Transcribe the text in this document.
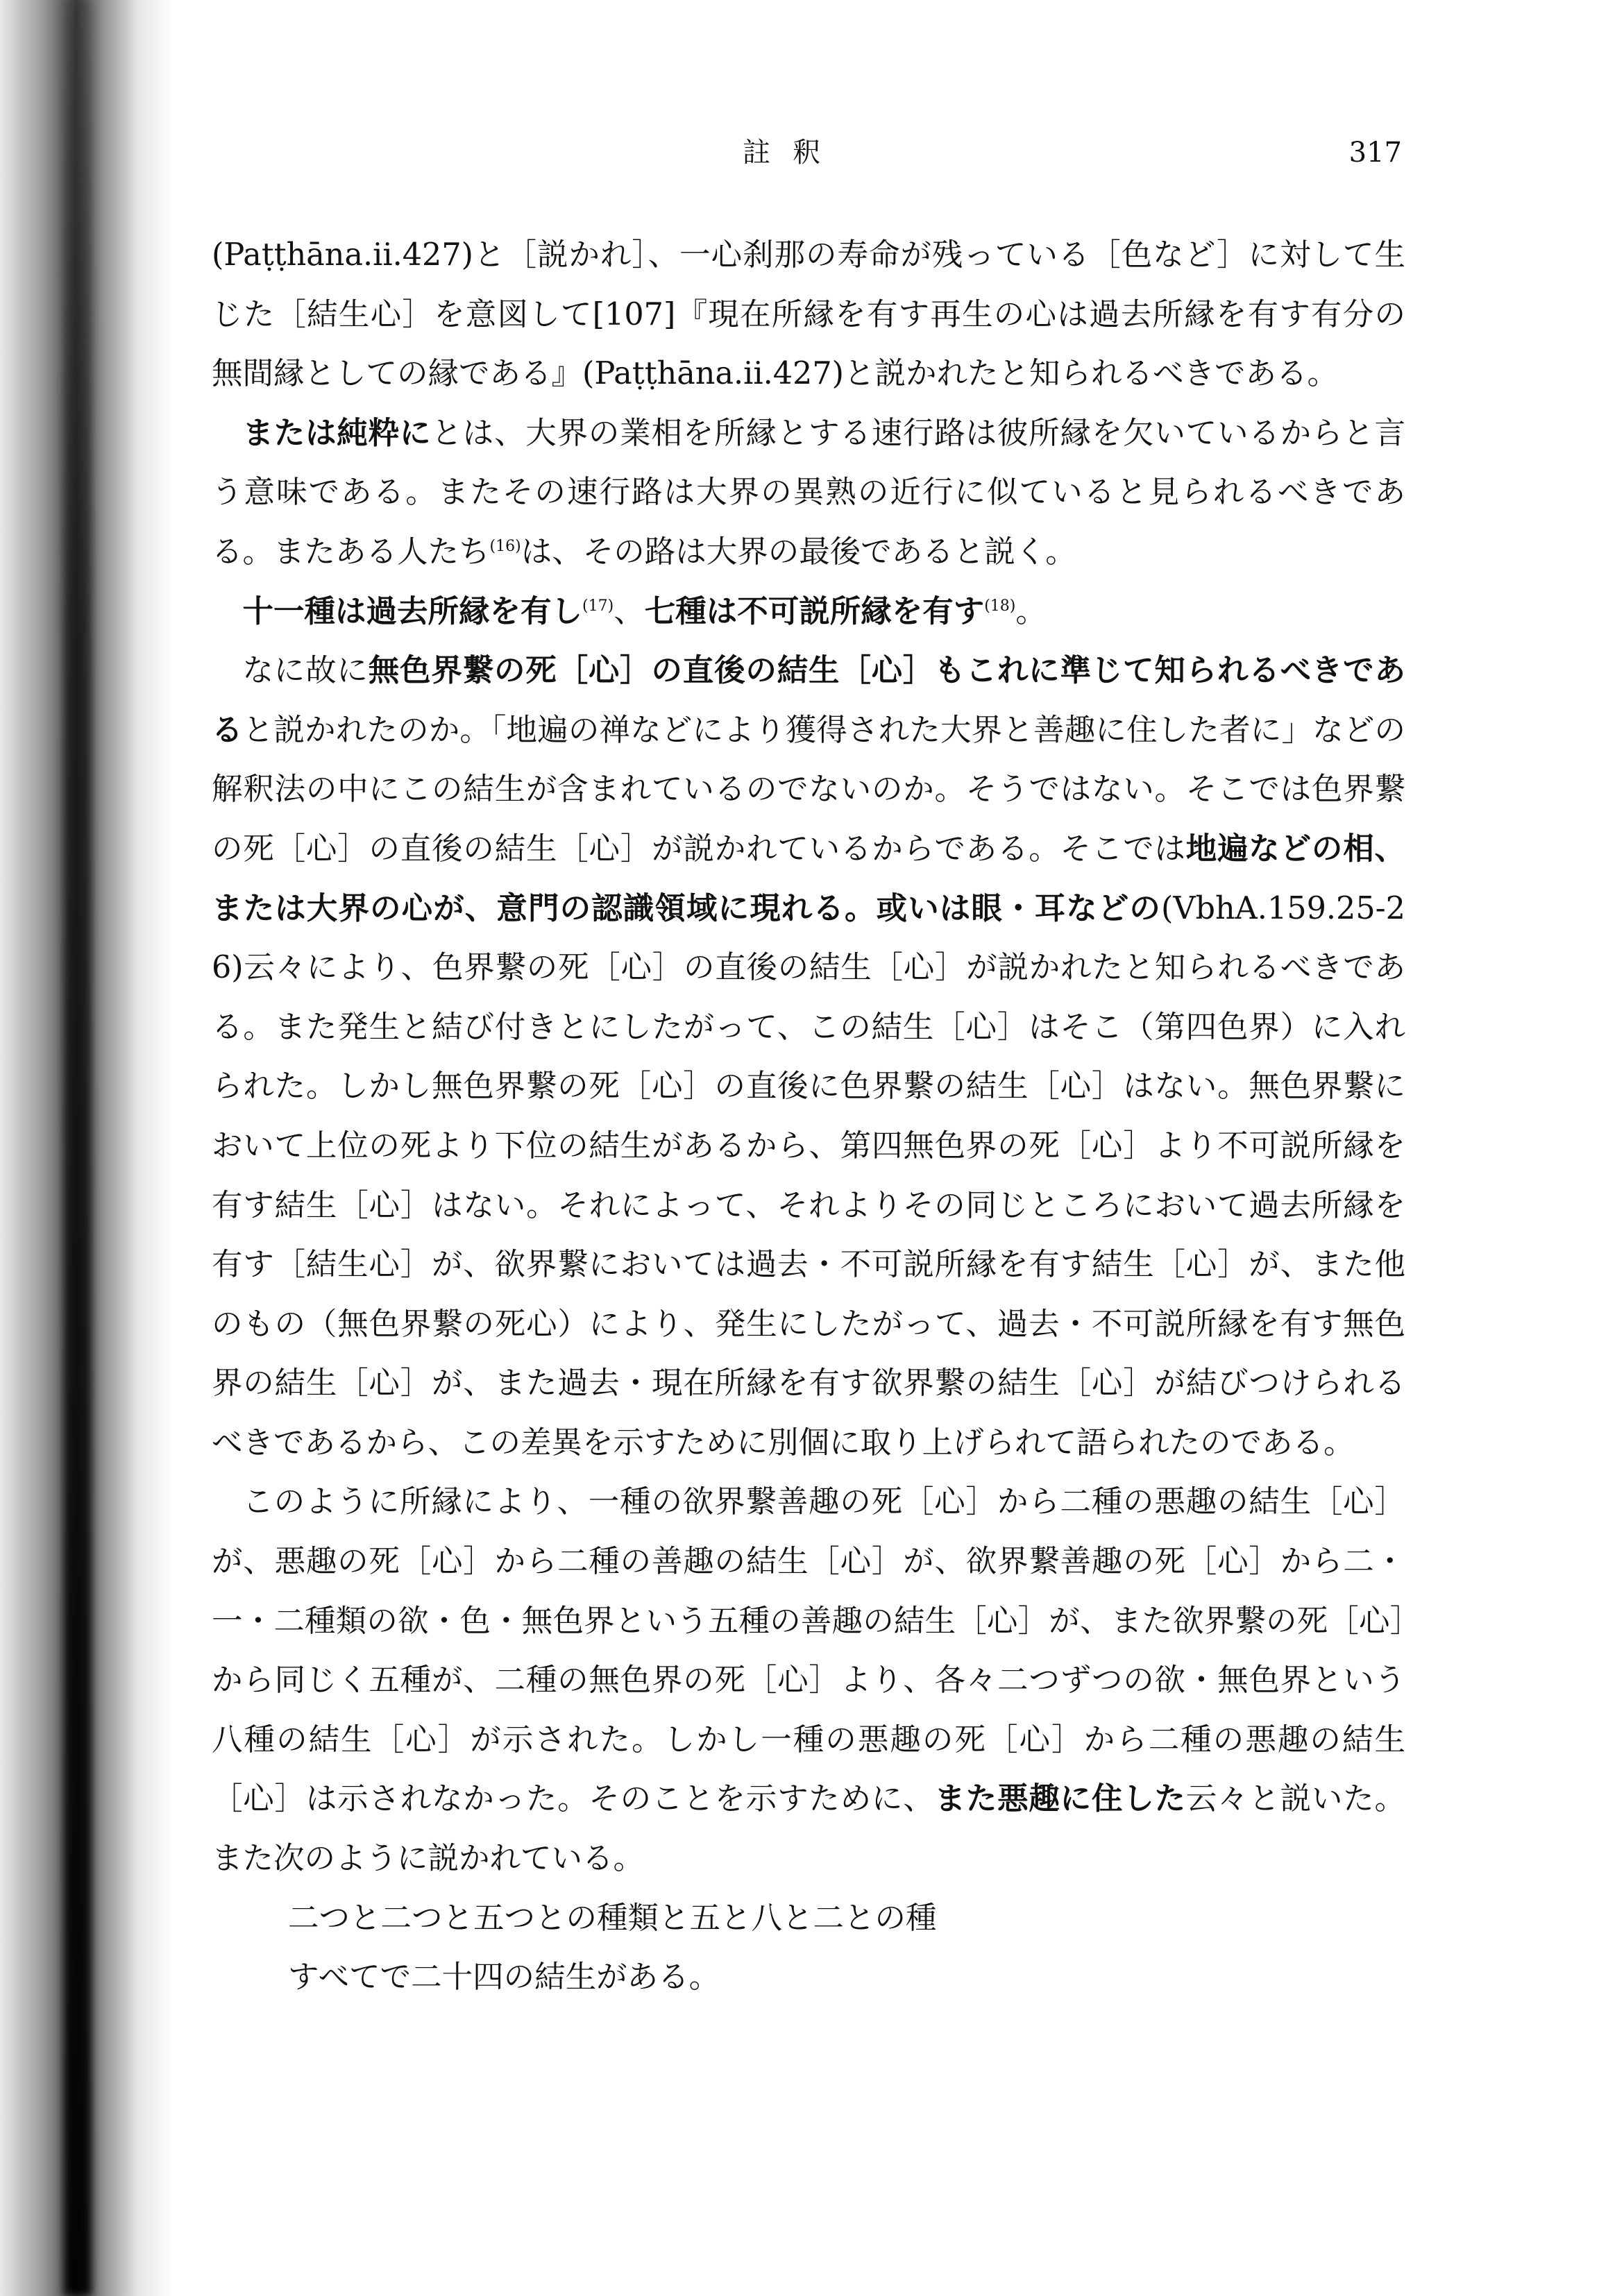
註釈	317

(Paṭṭhāna.ii.427)と［説かれ］、一心刹那の寿命が残っている［色など］に対して生じた［結生心］を意図して[107]『現在所縁を有す再生の心は過去所縁を有す有分の無間縁としての縁である』(Paṭṭhāna.ii.427)と説かれたと知られるべきである。

または純粋にとは、大界の業相を所縁とする速行路は彼所縁を欠いているからと言う意味である。またその速行路は大界の異熟の近行に似ていると見られるべきである。またある人たち$^{(16)}$は、その路は大界の最後であると説く。

十一種は過去所縁を有し$^{(17)}$、七種は不可説所縁を有す$^{(18)}$。

なに故に無色界繋の死［心］の直後の結生［心］もこれに準じて知られるべきであると説かれたのか。「地遍の禅などにより獲得された大界と善趣に住した者に」などの解釈法の中にこの結生が含まれているのでないのか。そうではない。そこでは色界繋の死［心］の直後の結生［心］が説かれているからである。そこでは地遍などの相、または大界の心が、意門の認識領域に現れる。或いは眼・耳などの(VbhA.159.25-26)云々により、色界繋の死［心］の直後の結生［心］が説かれたと知られるべきである。また発生と結び付きとにしたがって、この結生［心］はそこ（第四色界）に入れられた。しかし無色界繋の死［心］の直後に色界繋の結生［心］はない。無色界繋において上位の死より下位の結生があるから、第四無色界の死［心］より不可説所縁を有す結生［心］はない。それによって、それよりその同じところにおいて過去所縁を有す［結生心］が、欲界繋においては過去・不可説所縁を有す結生［心］が、また他のもの（無色界繋の死心）により、発生にしたがって、過去・不可説所縁を有す無色界の結生［心］が、また過去・現在所縁を有す欲界繋の結生［心］が結びつけられるべきであるから、この差異を示すために別個に取り上げられて語られたのである。

このように所縁により、一種の欲界繋善趣の死［心］から二種の悪趣の結生［心］が、悪趣の死［心］から二種の善趣の結生［心］が、欲界繋善趣の死［心］から二・一・二種類の欲・色・無色界という五種の善趣の結生［心］が、また欲界繋の死［心］から同じく五種が、二種の無色界の死［心］より、各々二つずつの欲・無色界という八種の結生［心］が示された。しかし一種の悪趣の死［心］から二種の悪趣の結生［心］は示されなかった。そのことを示すために、また悪趣に住した云々と説いた。また次のように説かれている。

二つと二つと五つとの種類と五と八と二との種

すべてで二十四の結生がある。
